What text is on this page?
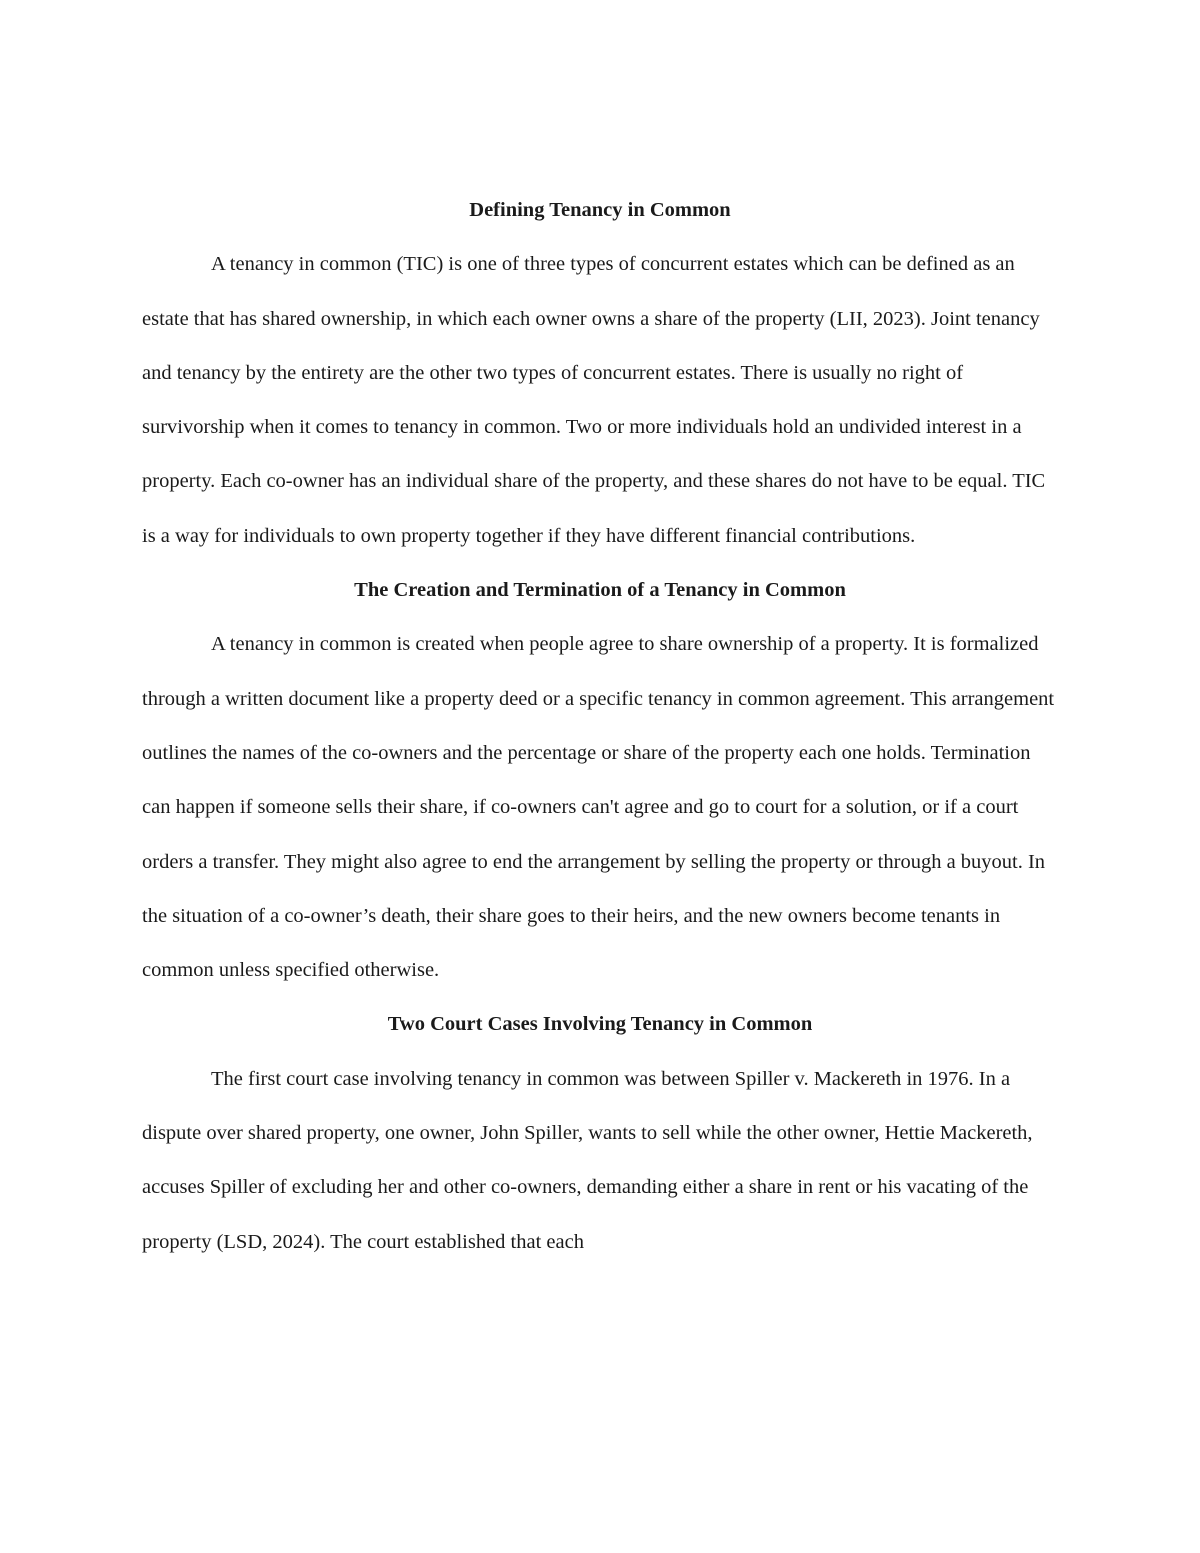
Defining Tenancy in Common

A tenancy in common (TIC) is one of three types of concurrent estates which can be defined as an estate that has shared ownership, in which each owner owns a share of the property (LII, 2023). Joint tenancy and tenancy by the entirety are the other two types of concurrent estates. There is usually no right of survivorship when it comes to tenancy in common. Two or more individuals hold an undivided interest in a property. Each co-owner has an individual share of the property, and these shares do not have to be equal. TIC is a way for individuals to own property together if they have different financial contributions.

The Creation and Termination of a Tenancy in Common

A tenancy in common is created when people agree to share ownership of a property. It is formalized through a written document like a property deed or a specific tenancy in common agreement. This arrangement outlines the names of the co-owners and the percentage or share of the property each one holds. Termination can happen if someone sells their share, if co-owners can't agree and go to court for a solution, or if a court orders a transfer. They might also agree to end the arrangement by selling the property or through a buyout. In the situation of a co-owner’s death, their share goes to their heirs, and the new owners become tenants in common unless specified otherwise.

Two Court Cases Involving Tenancy in Common

The first court case involving tenancy in common was between Spiller v. Mackereth in 1976. In a dispute over shared property, one owner, John Spiller, wants to sell while the other owner, Hettie Mackereth, accuses Spiller of excluding her and other co-owners, demanding either a share in rent or his vacating of the property (LSD, 2024). The court established that each
